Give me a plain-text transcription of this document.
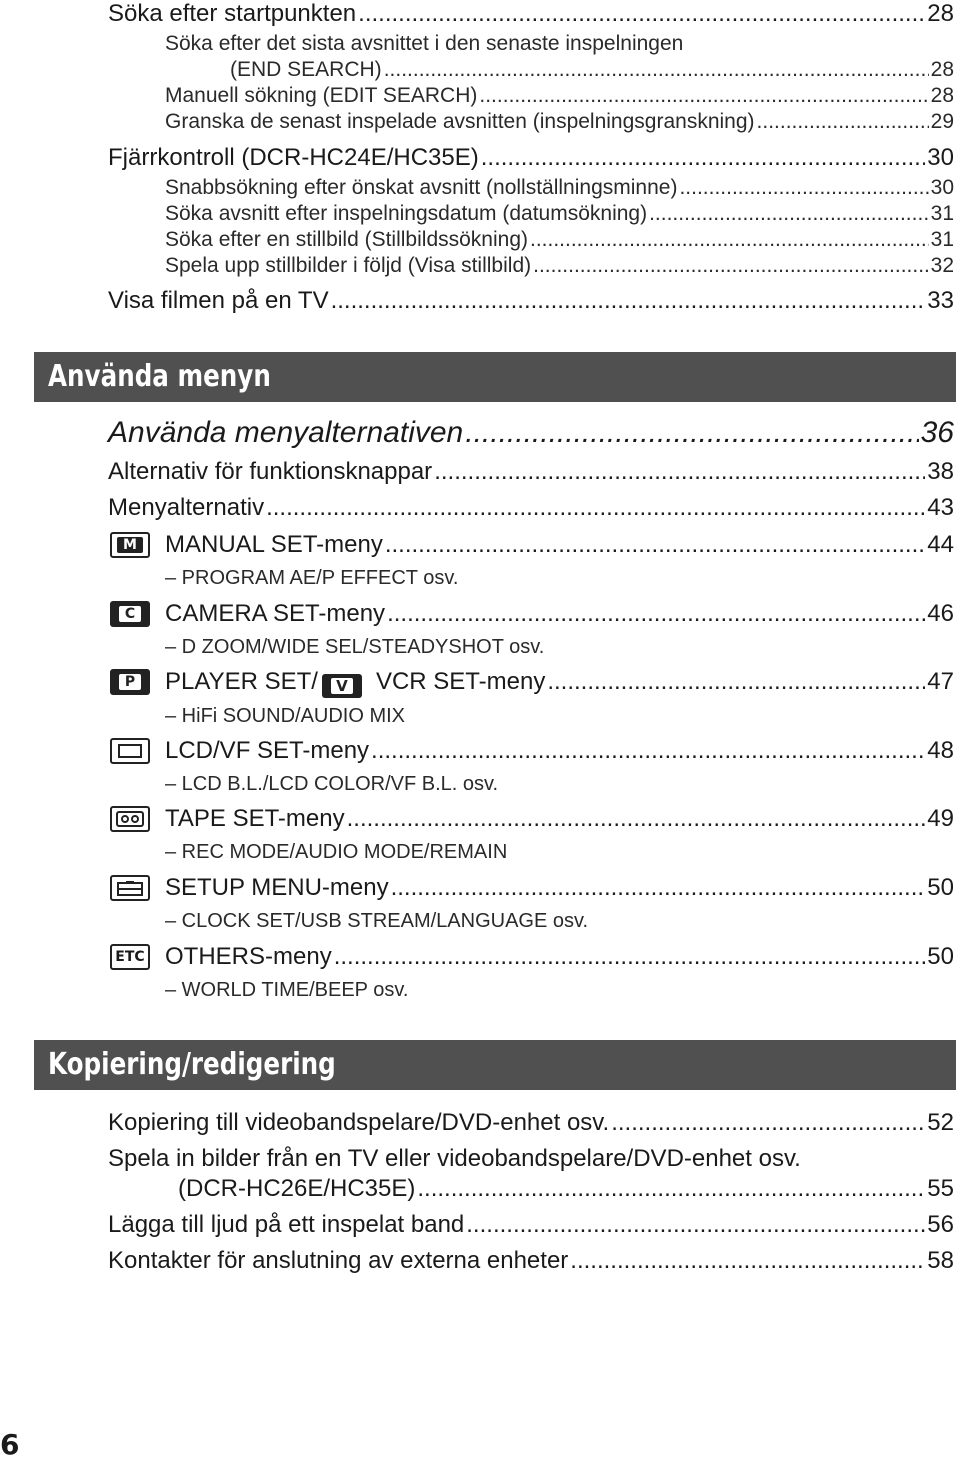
Söka efter startpunkten .....	28
Söka efter det sista avsnittet i den senaste inspelningen
(END SEARCH) .....	28
Manuell sökning (EDIT SEARCH) .....	28
Granska de senast inspelade avsnitten (inspelningsgranskning) .....	29
Fjärrkontroll (DCR-HC24E/HC35E) .....	30
Snabbsökning efter önskat avsnitt (nollställningsminne) .....	30
Söka avsnitt efter inspelningsdatum (datumsökning) .....	31
Söka efter en stillbild (Stillbildssökning) .....	31
Spela upp stillbilder i följd (Visa stillbild) .....	32
Visa filmen på en TV .....	33
Använda menyn
Använda menyalternativen .....	36
Alternativ för funktionsknappar .....	38
Menyalternativ .....	43
M MANUAL SET-meny .....	44
– PROGRAM AE/P EFFECT osv.
C CAMERA SET-meny .....	46
– D ZOOM/WIDE SEL/STEADYSHOT osv.
P PLAYER SET/	V VCR SET-meny .....	47
– HiFi SOUND/AUDIO MIX
LCD/VF SET-meny .....	48
– LCD B.L./LCD COLOR/VF B.L. osv.
TAPE SET-meny .....	49
– REC MODE/AUDIO MODE/REMAIN
SETUP MENU-meny .....	50
– CLOCK SET/USB STREAM/LANGUAGE osv.
ETC OTHERS-meny .....	50
– WORLD TIME/BEEP osv.
Kopiering/redigering
Kopiering till videobandspelare/DVD-enhet osv. .....	52
Spela in bilder från en TV eller videobandspelare/DVD-enhet osv.
(DCR-HC26E/HC35E) .....	55
Lägga till ljud på ett inspelat band .....	56
Kontakter för anslutning av externa enheter .....	58
6
